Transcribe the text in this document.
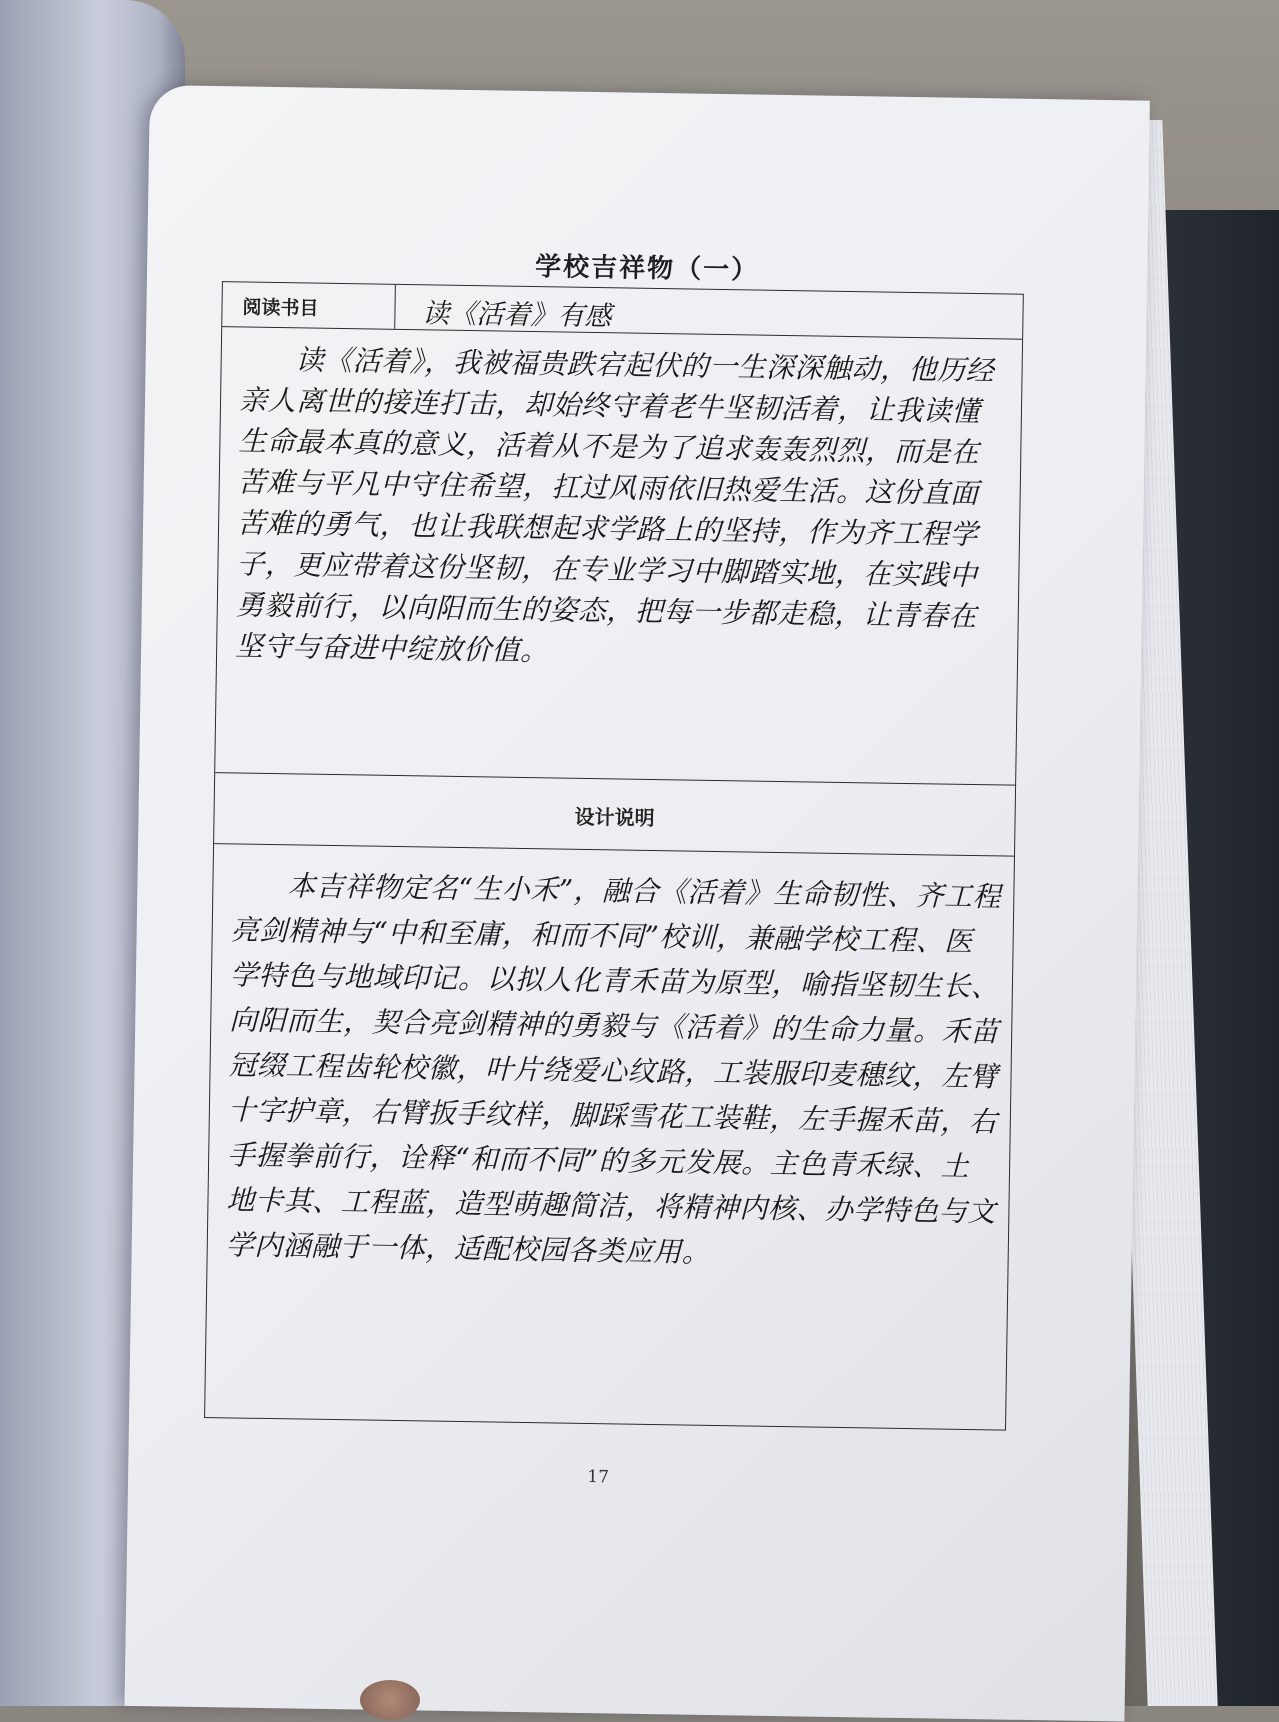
学校吉祥物（一）
阅读书目	读《活着》有感
读《活着》，我被福贵跌宕起伏的一生深深触动，他历经亲人离世的接连打击，却始终守着老牛坚韧活着，让我读懂生命最本真的意义，活着从不是为了追求轰轰烈烈，而是在苦难与平凡中守住希望，扛过风雨依旧热爱生活。这份直面苦难的勇气，也让我联想起求学路上的坚持，作为齐工程学子，更应带着这份坚韧，在专业学习中脚踏实地，在实践中勇毅前行，以向阳而生的姿态，把每一步都走稳，让青春在坚守与奋进中绽放价值。
设计说明
本吉祥物定名“生小禾”，融合《活着》生命韧性、齐工程亮剑精神与“中和至庸，和而不同”校训，兼融学校工程、医学特色与地域印记。以拟人化青禾苗为原型，喻指坚韧生长、向阳而生，契合亮剑精神的勇毅与《活着》的生命力量。禾苗冠缀工程齿轮校徽，叶片绕爱心纹路，工装服印麦穗纹，左臂十字护章，右臂扳手纹样，脚踩雪花工装鞋，左手握禾苗，右手握拳前行，诠释“和而不同”的多元发展。主色青禾绿、土地卡其、工程蓝，造型萌趣简洁，将精神内核、办学特色与文学内涵融于一体，适配校园各类应用。
17
